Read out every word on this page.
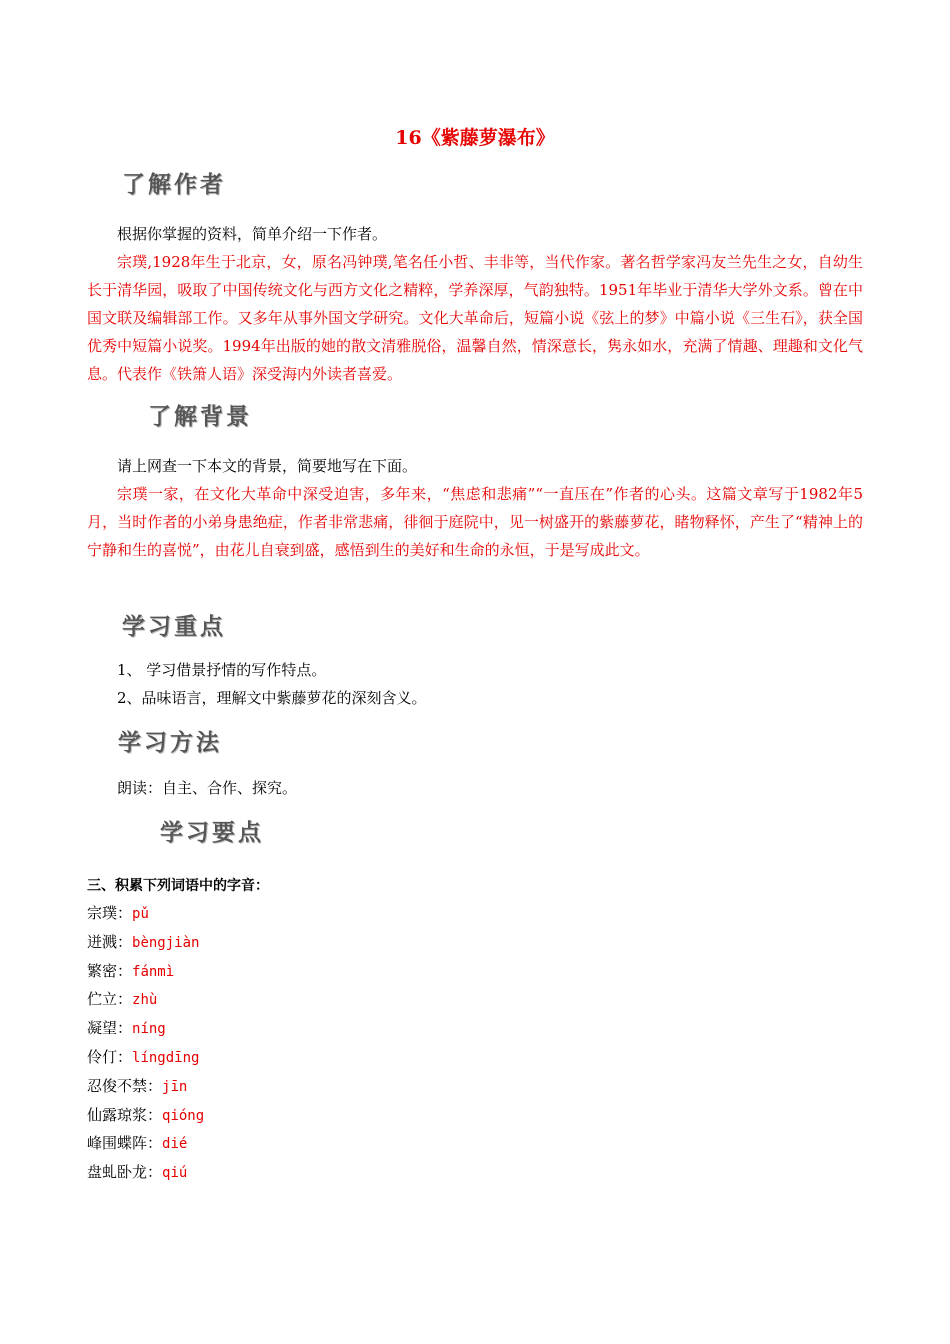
16《紫藤萝瀑布》
了解作者
根据你掌握的资料，简单介绍一下作者。
宗璞,1928年生于北京，女，原名冯钟璞,笔名任小哲、丰非等，当代作家。著名哲学家冯友兰先生之女，自幼生长于清华园，吸取了中国传统文化与西方文化之精粹，学养深厚，气韵独特。1951年毕业于清华大学外文系。曾在中国文联及编辑部工作。又多年从事外国文学研究。文化大革命后，短篇小说《弦上的梦》中篇小说《三生石》，获全国优秀中短篇小说奖。1994年出版的她的散文清雅脱俗，温馨自然，情深意长，隽永如水，充满了情趣、理趣和文化气息。代表作《铁箫人语》深受海内外读者喜爱。
了解背景
请上网查一下本文的背景，简要地写在下面。
宗璞一家，在文化大革命中深受迫害，多年来，“焦虑和悲痛”“一直压在”作者的心头。这篇文章写于1982年5月，当时作者的小弟身患绝症，作者非常悲痛，徘徊于庭院中，见一树盛开的紫藤萝花，睹物释怀，产生了“精神上的宁静和生的喜悦”，由花儿自衰到盛，感悟到生的美好和生命的永恒，于是写成此文。
学习重点
1、 学习借景抒情的写作特点。
2、品味语言，理解文中紫藤萝花的深刻含义。
学习方法
朗读：自主、合作、探究。
学习要点
三、积累下列词语中的字音：
宗璞：pǔ
迸溅：bèngjiàn
繁密：fánmì
伫立：zhù
凝望：níng
伶仃：língdīng
忍俊不禁：jīn
仙露琼浆：qióng
峰围蝶阵：dié
盘虬卧龙：qiú
